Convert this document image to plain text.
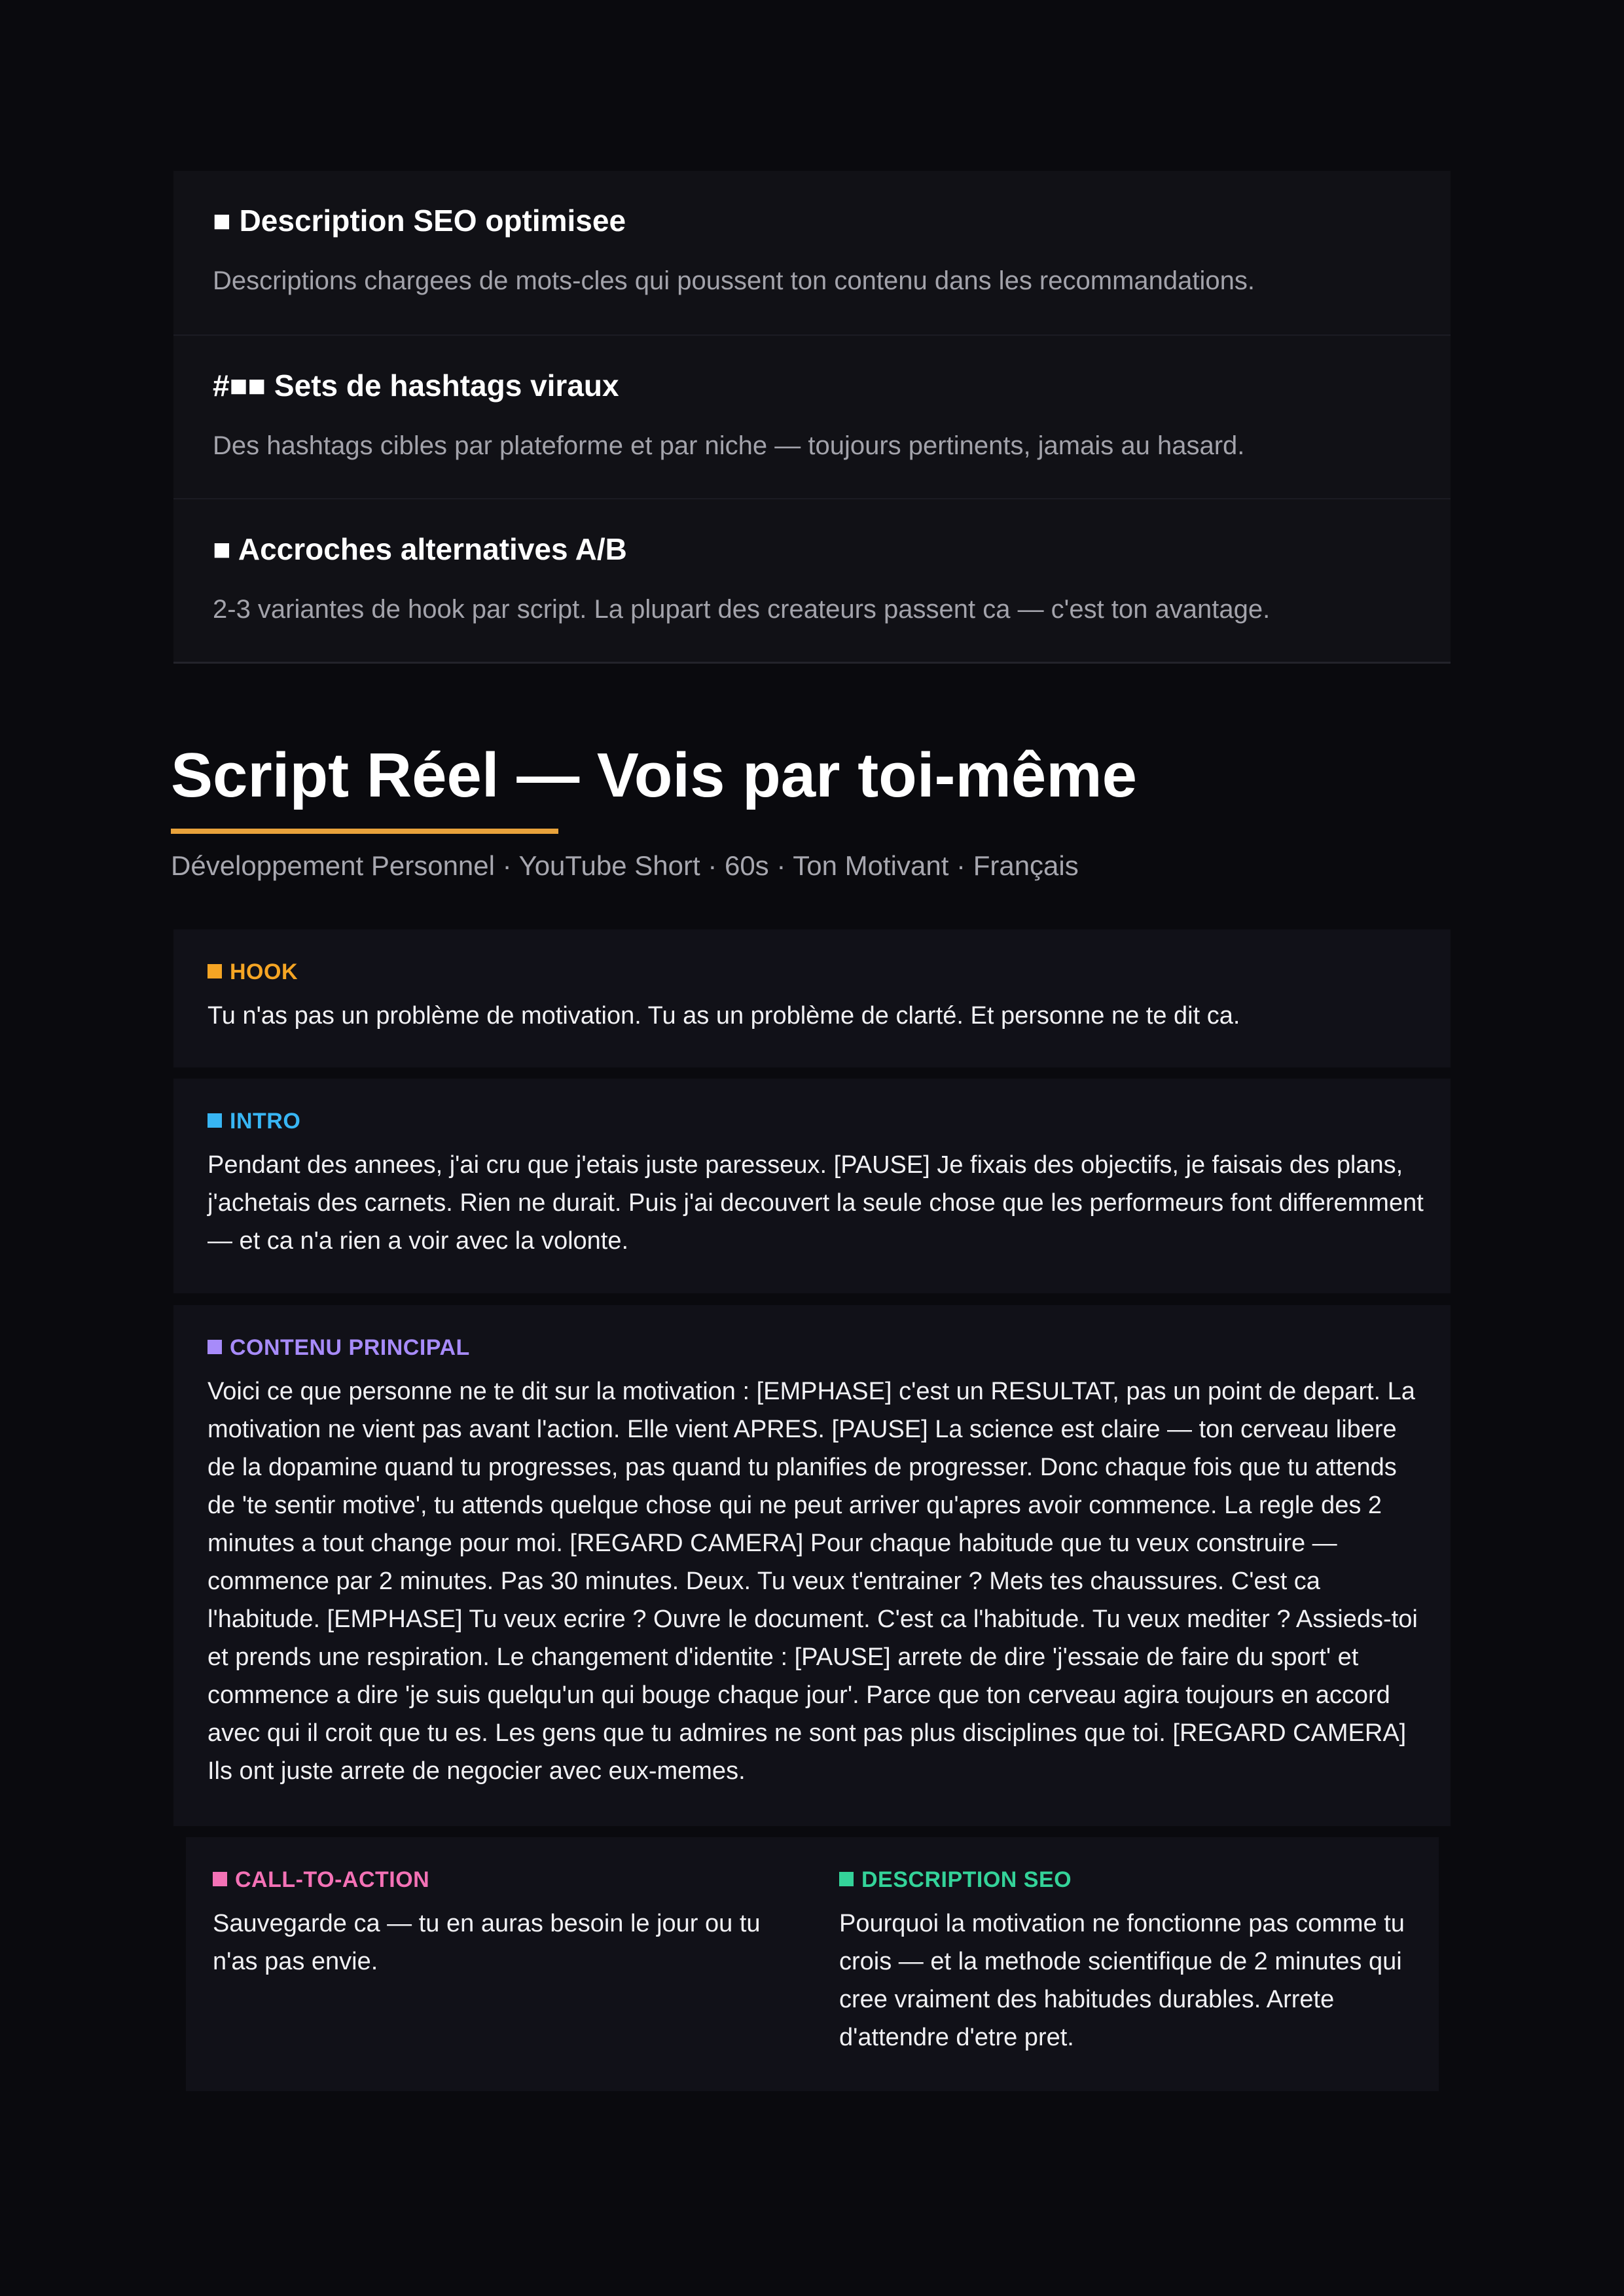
■ Description SEO optimisee
Descriptions chargees de mots-cles qui poussent ton contenu dans les recommandations.
#■■ Sets de hashtags viraux
Des hashtags cibles par plateforme et par niche — toujours pertinents, jamais au hasard.
■ Accroches alternatives A/B
2-3 variantes de hook par script. La plupart des createurs passent ca — c'est ton avantage.
Script Réel — Vois par toi-même
Développement Personnel · YouTube Short · 60s · Ton Motivant · Français
HOOK
Tu n'as pas un problème de motivation. Tu as un problème de clarté. Et personne ne te dit ca.
INTRO
Pendant des annees, j'ai cru que j'etais juste paresseux. [PAUSE] Je fixais des objectifs, je faisais des plans, j'achetais des carnets. Rien ne durait. Puis j'ai decouvert la seule chose que les performeurs font differemment — et ca n'a rien a voir avec la volonte.
CONTENU PRINCIPAL
Voici ce que personne ne te dit sur la motivation : [EMPHASE] c'est un RESULTAT, pas un point de depart. La motivation ne vient pas avant l'action. Elle vient APRES. [PAUSE] La science est claire — ton cerveau libere de la dopamine quand tu progresses, pas quand tu planifies de progresser. Donc chaque fois que tu attends de 'te sentir motive', tu attends quelque chose qui ne peut arriver qu'apres avoir commence. La regle des 2 minutes a tout change pour moi. [REGARD CAMERA] Pour chaque habitude que tu veux construire — commence par 2 minutes. Pas 30 minutes. Deux. Tu veux t'entrainer ? Mets tes chaussures. C'est ca l'habitude. [EMPHASE] Tu veux ecrire ? Ouvre le document. C'est ca l'habitude. Tu veux mediter ? Assieds-toi et prends une respiration. Le changement d'identite : [PAUSE] arrete de dire 'j'essaie de faire du sport' et commence a dire 'je suis quelqu'un qui bouge chaque jour'. Parce que ton cerveau agira toujours en accord avec qui il croit que tu es. Les gens que tu admires ne sont pas plus disciplines que toi. [REGARD CAMERA] Ils ont juste arrete de negocier avec eux-memes.
CALL-TO-ACTION
Sauvegarde ca — tu en auras besoin le jour ou tu n'as pas envie.
DESCRIPTION SEO
Pourquoi la motivation ne fonctionne pas comme tu crois — et la methode scientifique de 2 minutes qui cree vraiment des habitudes durables. Arrete d'attendre d'etre pret.
